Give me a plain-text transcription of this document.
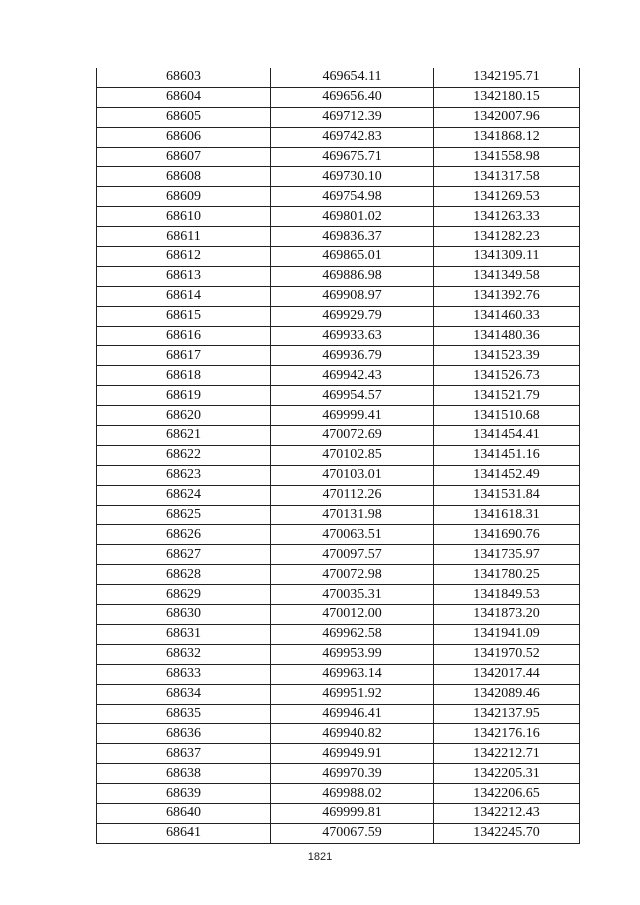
68603	469654.11	1342195.71
68604	469656.40	1342180.15
68605	469712.39	1342007.96
68606	469742.83	1341868.12
68607	469675.71	1341558.98
68608	469730.10	1341317.58
68609	469754.98	1341269.53
68610	469801.02	1341263.33
68611	469836.37	1341282.23
68612	469865.01	1341309.11
68613	469886.98	1341349.58
68614	469908.97	1341392.76
68615	469929.79	1341460.33
68616	469933.63	1341480.36
68617	469936.79	1341523.39
68618	469942.43	1341526.73
68619	469954.57	1341521.79
68620	469999.41	1341510.68
68621	470072.69	1341454.41
68622	470102.85	1341451.16
68623	470103.01	1341452.49
68624	470112.26	1341531.84
68625	470131.98	1341618.31
68626	470063.51	1341690.76
68627	470097.57	1341735.97
68628	470072.98	1341780.25
68629	470035.31	1341849.53
68630	470012.00	1341873.20
68631	469962.58	1341941.09
68632	469953.99	1341970.52
68633	469963.14	1342017.44
68634	469951.92	1342089.46
68635	469946.41	1342137.95
68636	469940.82	1342176.16
68637	469949.91	1342212.71
68638	469970.39	1342205.31
68639	469988.02	1342206.65
68640	469999.81	1342212.43
68641	470067.59	1342245.70
1821
